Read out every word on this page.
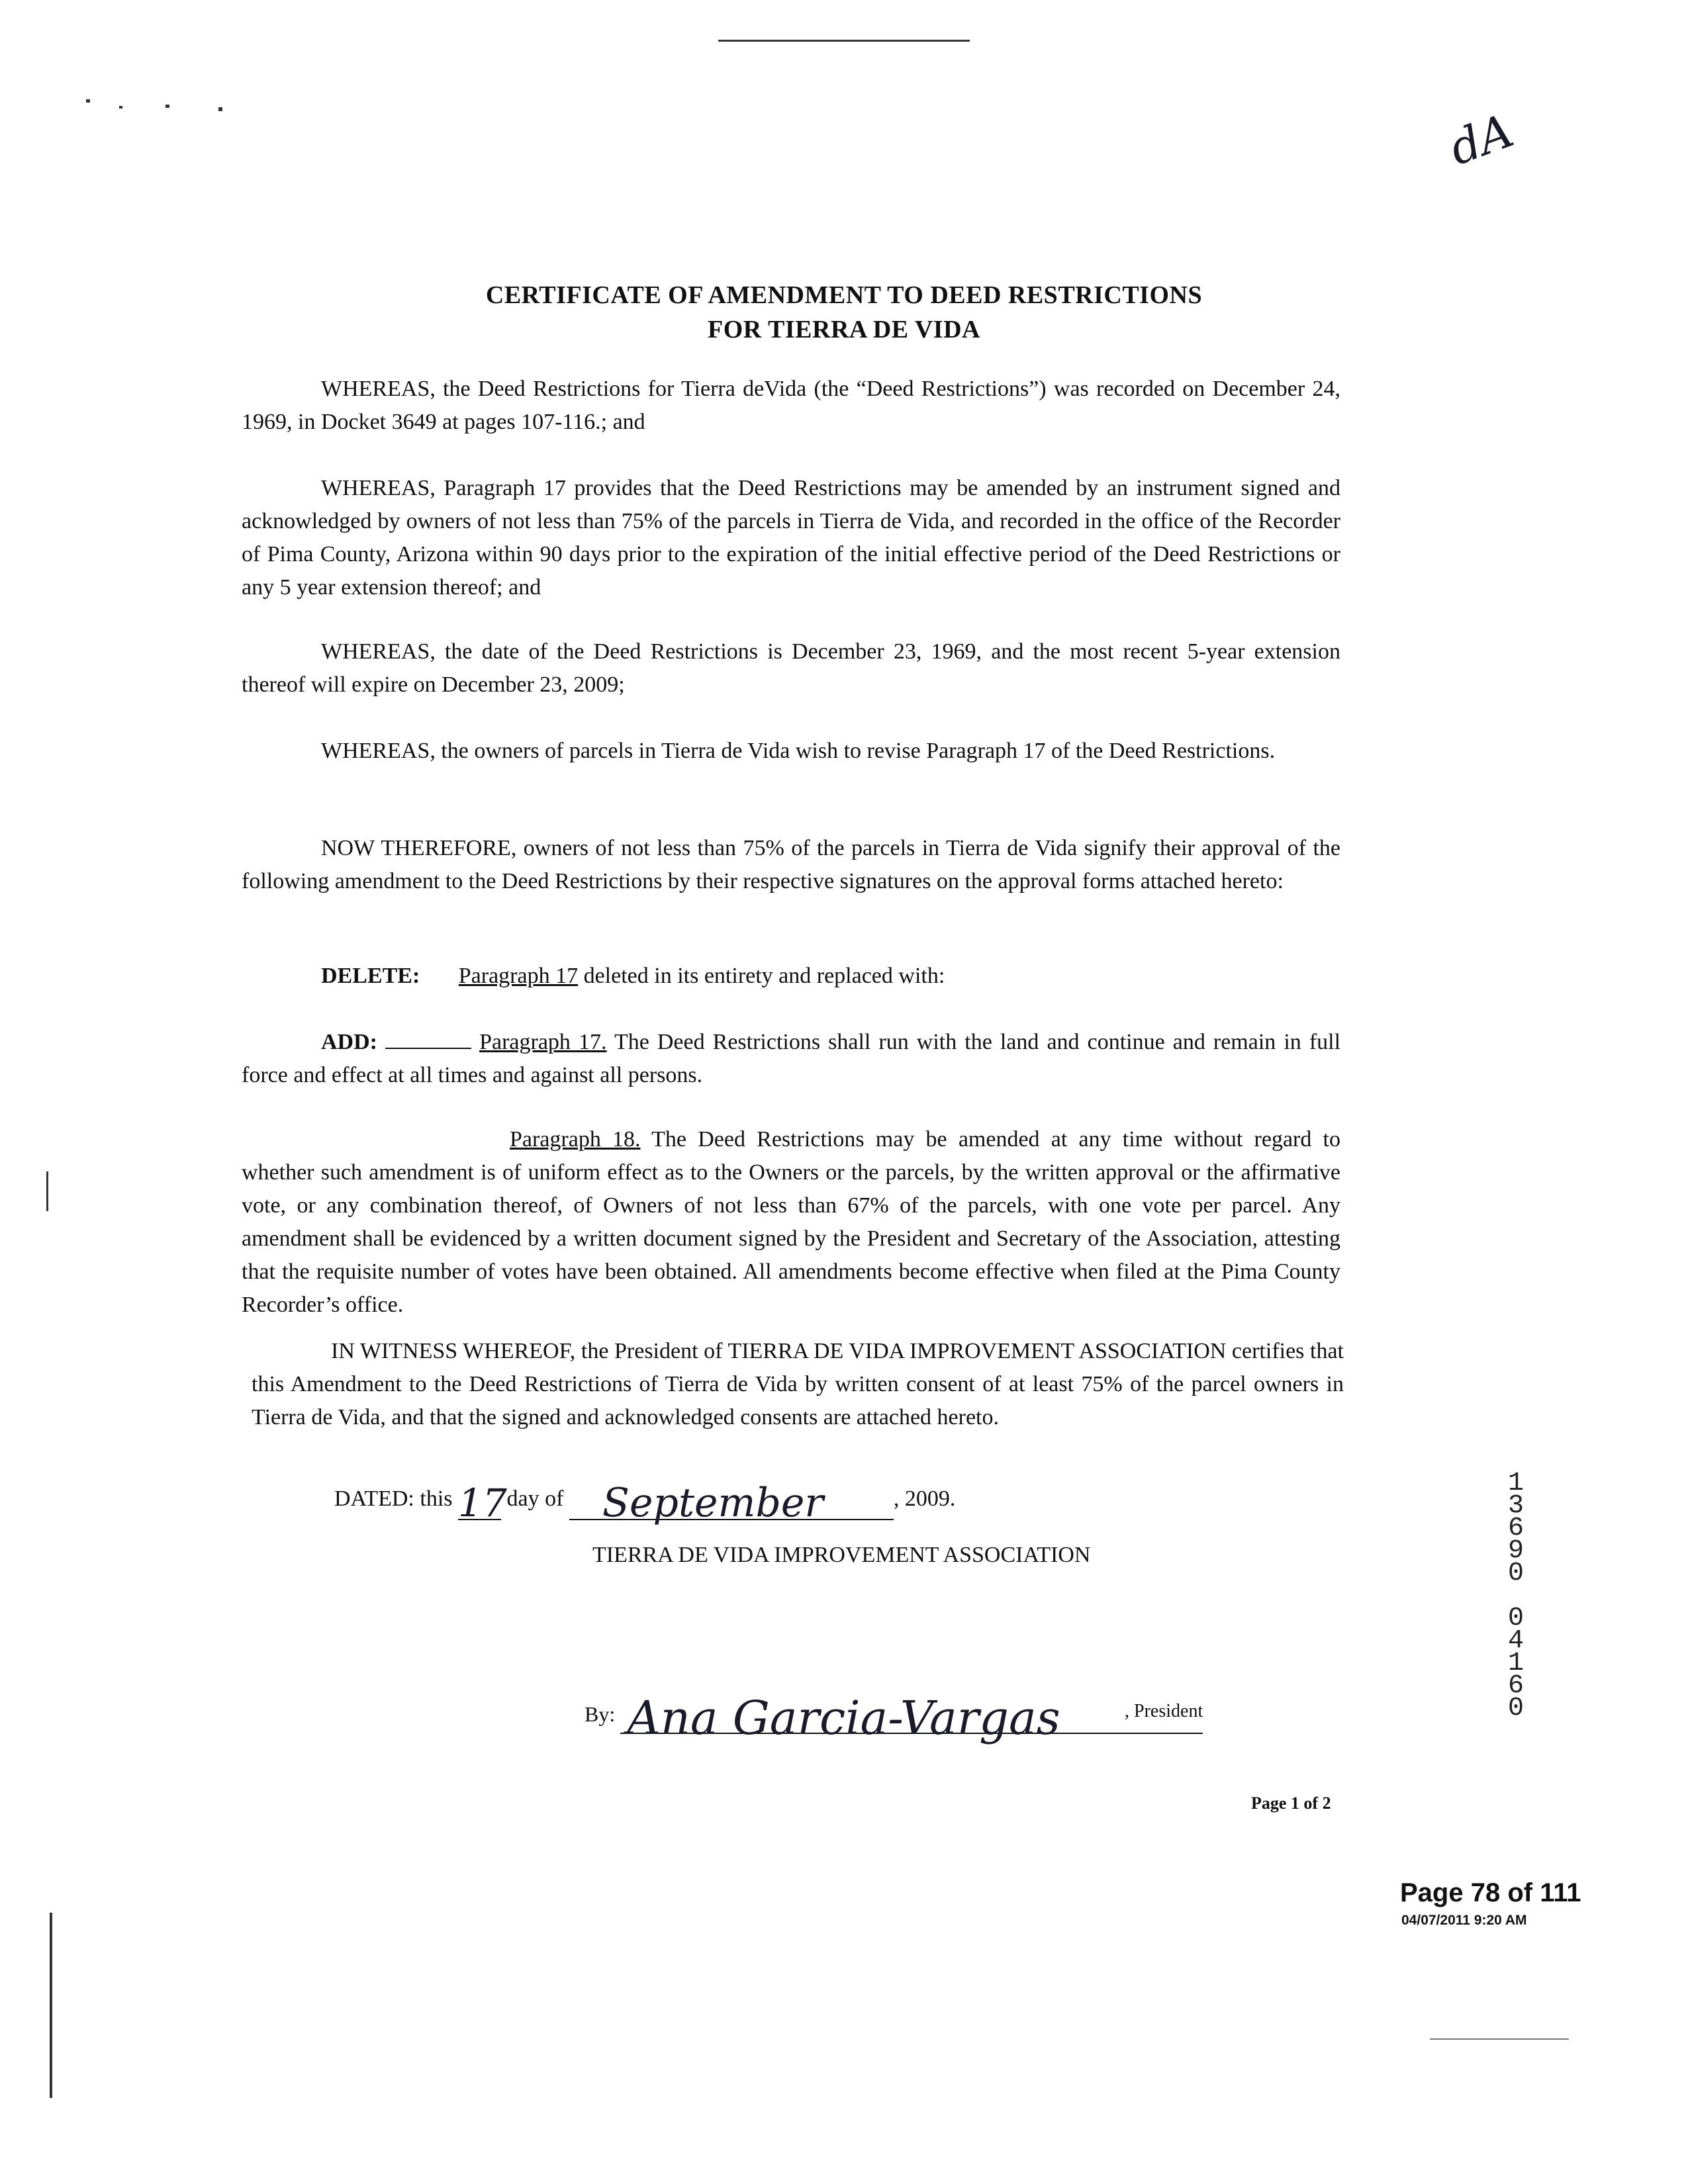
dA
CERTIFICATE OF AMENDMENT TO DEED RESTRICTIONS
FOR TIERRA DE VIDA

WHEREAS, the Deed Restrictions for Tierra deVida (the “Deed Restrictions”) was recorded on December 24, 1969, in Docket 3649 at pages 107-116.; and

WHEREAS, Paragraph 17 provides that the Deed Restrictions may be amended by an instrument signed and acknowledged by owners of not less than 75% of the parcels in Tierra de Vida, and recorded in the office of the Recorder of Pima County, Arizona within 90 days prior to the expiration of the initial effective period of the Deed Restrictions or any 5 year extension thereof; and

WHEREAS, the date of the Deed Restrictions is December 23, 1969, and the most recent 5-year extension thereof will expire on December 23, 2009;

WHEREAS, the owners of parcels in Tierra de Vida wish to revise Paragraph 17 of the Deed Restrictions.

NOW THEREFORE, owners of not less than 75% of the parcels in Tierra de Vida signify their approval of the following amendment to the Deed Restrictions by their respective signatures on the approval forms attached hereto:

DELETE: Paragraph 17 deleted in its entirety and replaced with:

ADD:	Paragraph 17. The Deed Restrictions shall run with the land and continue and remain in full force and effect at all times and against all persons.

Paragraph 18. The Deed Restrictions may be amended at any time without regard to whether such amendment is of uniform effect as to the Owners or the parcels, by the written approval or the affirmative vote, or any combination thereof, of Owners of not less than 67% of the parcels, with one vote per parcel. Any amendment shall be evidenced by a written document signed by the President and Secretary of the Association, attesting that the requisite number of votes have been obtained. All amendments become effective when filed at the Pima County Recorder’s office.

IN WITNESS WHEREOF, the President of TIERRA DE VIDA IMPROVEMENT ASSOCIATION certifies that this Amendment to the Deed Restrictions of Tierra de Vida by written consent of at least 75% of the parcel owners in Tierra de Vida, and that the signed and acknowledged consents are attached hereto.

DATED: this 17 day of September	, 2009.
TIERRA DE VIDA IMPROVEMENT ASSOCIATION
By: Ana Garcia-Vargas	, President
Page 1 of 2
1
3
6
9
0

0
4
1
6
0
Page 78 of 111
04/07/2011 9:20 AM
